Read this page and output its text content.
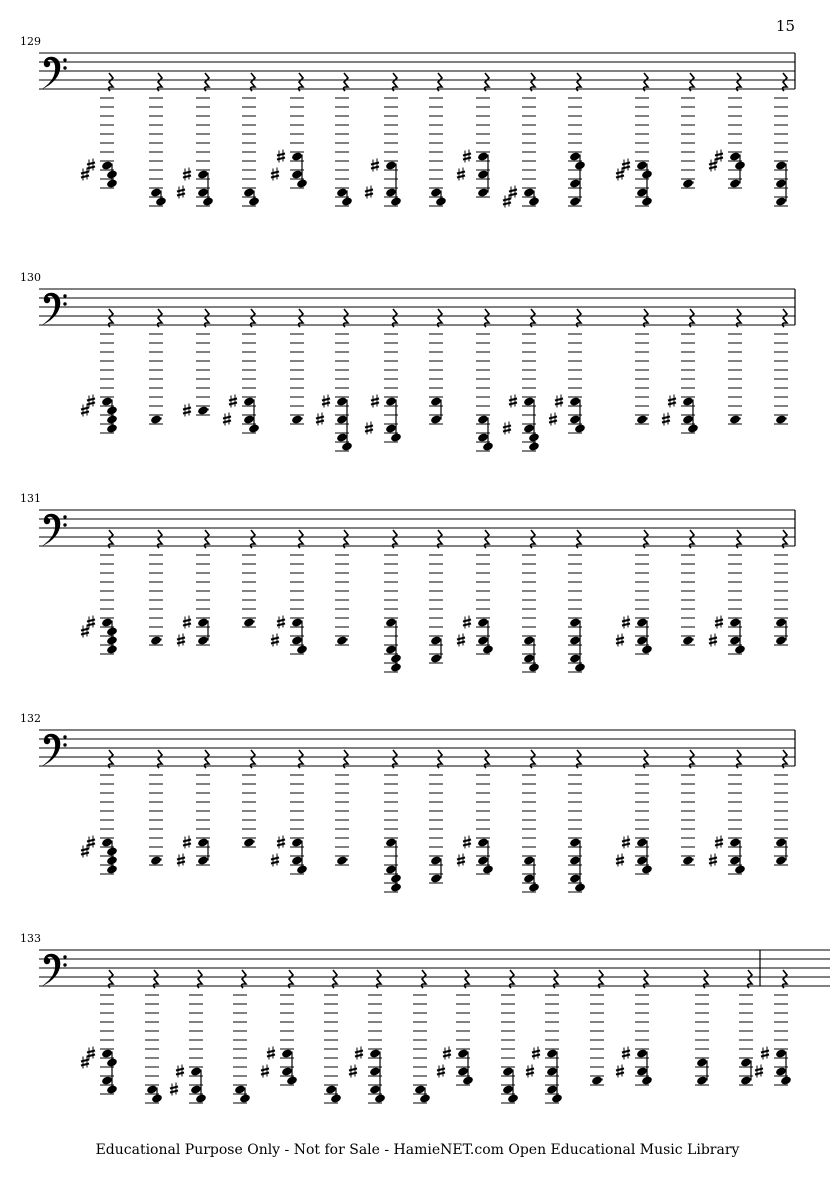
15
129
130
131
132
133
Educational Purpose Only - Not for Sale - HamieNET.com Open Educational Music Library
